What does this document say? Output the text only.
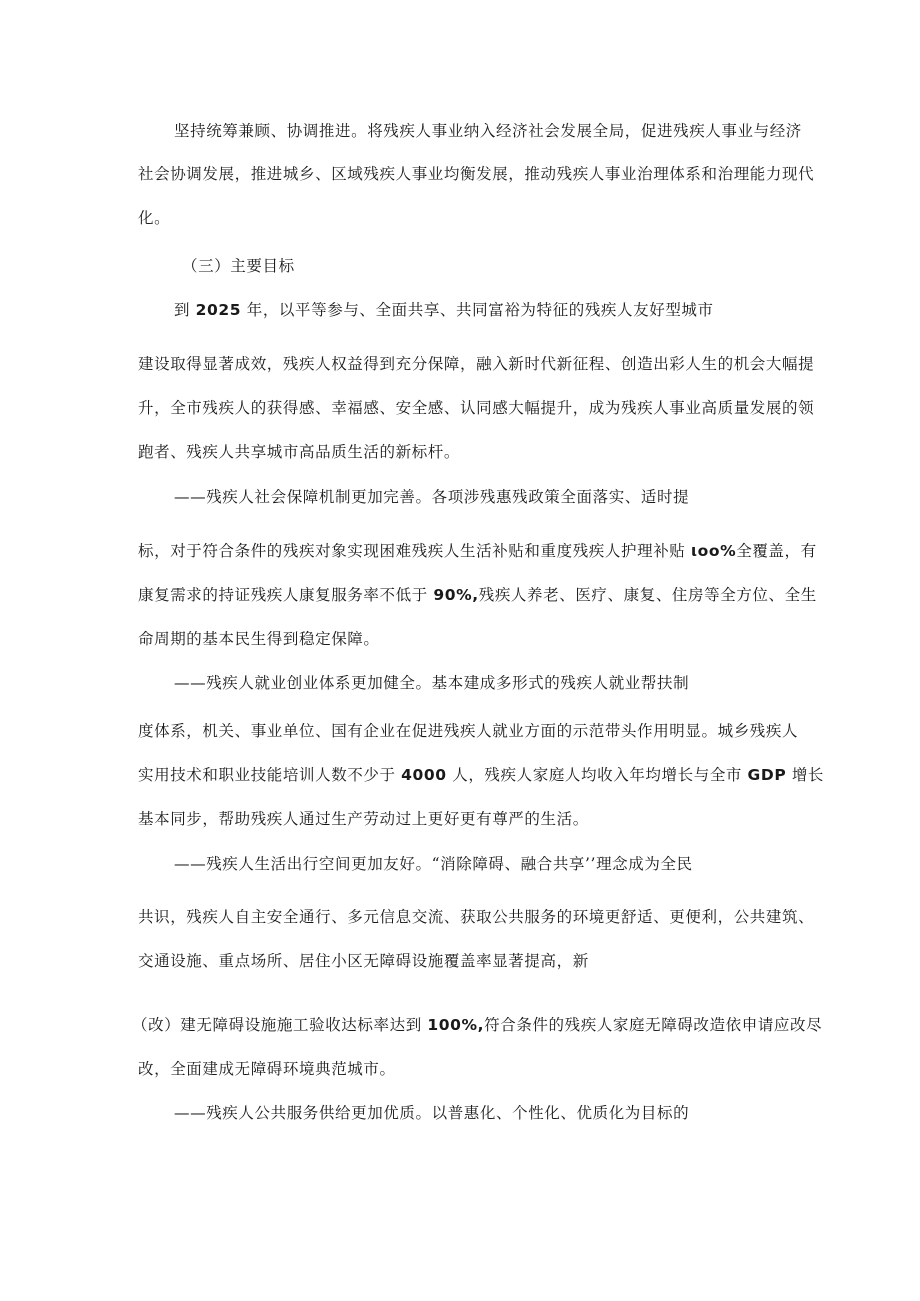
坚持统筹兼顾、协调推进。将残疾人事业纳入经济社会发展全局，促进残疾人事业与经济
社会协调发展，推进城乡、区域残疾人事业均衡发展，推动残疾人事业治理体系和治理能力现代
化。
（三）主要目标
到 2025 年，以平等参与、全面共享、共同富裕为特征的残疾人友好型城市
建设取得显著成效，残疾人权益得到充分保障，融入新时代新征程、创造出彩人生的机会大幅提
升，全市残疾人的获得感、幸福感、安全感、认同感大幅提升，成为残疾人事业高质量发展的领
跑者、残疾人共享城市高品质生活的新标杆。
——残疾人社会保障机制更加完善。各项涉残惠残政策全面落实、适时提
标，对于符合条件的残疾对象实现困难残疾人生活补贴和重度残疾人护理补贴 ιoo%全覆盖，有
康复需求的持证残疾人康复服务率不低于 90%,残疾人养老、医疗、康复、住房等全方位、全生
命周期的基本民生得到稳定保障。
——残疾人就业创业体系更加健全。基本建成多形式的残疾人就业帮扶制
度体系，机关、事业单位、国有企业在促进残疾人就业方面的示范带头作用明显。城乡残疾人
实用技术和职业技能培训人数不少于 4000 人，残疾人家庭人均收入年均增长与全市 GDP 增长
基本同步，帮助残疾人通过生产劳动过上更好更有尊严的生活。
——残疾人生活出行空间更加友好。“消除障碍、融合共享’’理念成为全民
共识，残疾人自主安全通行、多元信息交流、获取公共服务的环境更舒适、更便利，公共建筑、
交通设施、重点场所、居住小区无障碍设施覆盖率显著提高，新
（改）建无障碍设施施工验收达标率达到 100%,符合条件的残疾人家庭无障碍改造依申请应改尽
改，全面建成无障碍环境典范城市。
——残疾人公共服务供给更加优质。以普惠化、个性化、优质化为目标的
